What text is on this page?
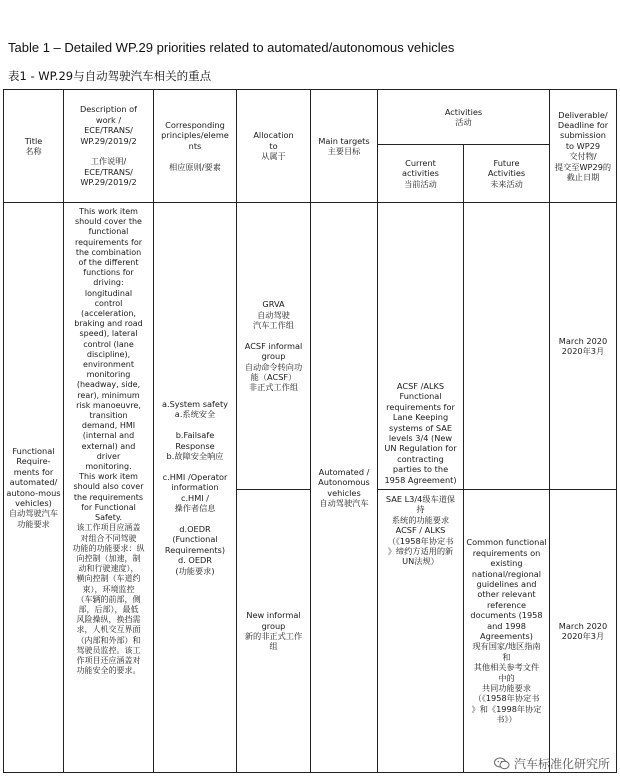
Table 1 – Detailed WP.29 priorities related to automated/autonomous vehicles
表1 - WP.29与自动驾驶汽车相关的重点
Title
名称
Description of
work /
ECE/TRANS/
WP.29/2019/2

工作说明/
ECE/TRANS/
WP.29/2019/2
Corresponding
principles/eleme
nts

相应原则/要素
Allocation
to
从属于
Main targets
主要目标
Activities
活动
Current
activities
当前活动
Future
Activities
未来活动
Deliverable/
Deadline for
submission
to WP29
交付物/
提交至WP29的
截止日期
Functional
Require-
ments for
automated/
autono-mous
vehicles)
自动驾驶汽车
功能要求
This work item
should cover the
functional
requirements for
the combination
of the different
functions for
driving:
longitudinal
control
(acceleration,
braking and road
speed), lateral
control (lane
discipline),
environment
monitoring
(headway, side,
rear), minimum
risk manoeuvre,
transition
demand, HMI
(internal and
external) and
driver
monitoring.
This work item
should also cover
the requirements
for Functional
Safety.
该工作项目应涵盖
对组合不同驾驶
功能的功能要求：纵
向控制（加速，制
动和行驶速度），
横向控制（车道约
束），环境监控
（车辆的前部，侧
部，后部），最低
风险操纵，换挡需
求，人机交互界面
（内部和外部）和
驾驶员监控。该工
作项目还应涵盖对
功能安全的要求。
a.System safety
a.系统安全

b.Failsafe
Response
b.故障安全响应

c.HMI /Operator
information
c.HMI /
操作者信息

d.OEDR
(Functional
Requirements)
d. OEDR
(功能要求)
GRVA
自动驾驶
汽车工作组

ACSF informal
group
自动命令转向功
能（ACSF）
非正式工作组
New informal
group
新的非正式工作
组
Automated /
Autonomous
vehicles
自动驾驶汽车
ACSF /ALKS
Functional
requirements for
Lane Keeping
systems of SAE
levels 3/4 (New
UN Regulation for
contracting
parties to the
1958 Agreement)
SAE L3/4级车道保
持
系统的功能要求
ACSF / ALKS
（《1958年协定书
》缔约方适用的新
UN法规）
Common functional
requirements on
existing
national/regional
guidelines and
other relevant
reference
documents (1958
and 1998
Agreements)
现有国家/地区指南
和
其他相关参考文件
中的
共同功能要求
（《1958年协定书
》和《1998年协定
书》）
March 2020
2020年3月
March 2020
2020年3月
汽车标准化研究所
